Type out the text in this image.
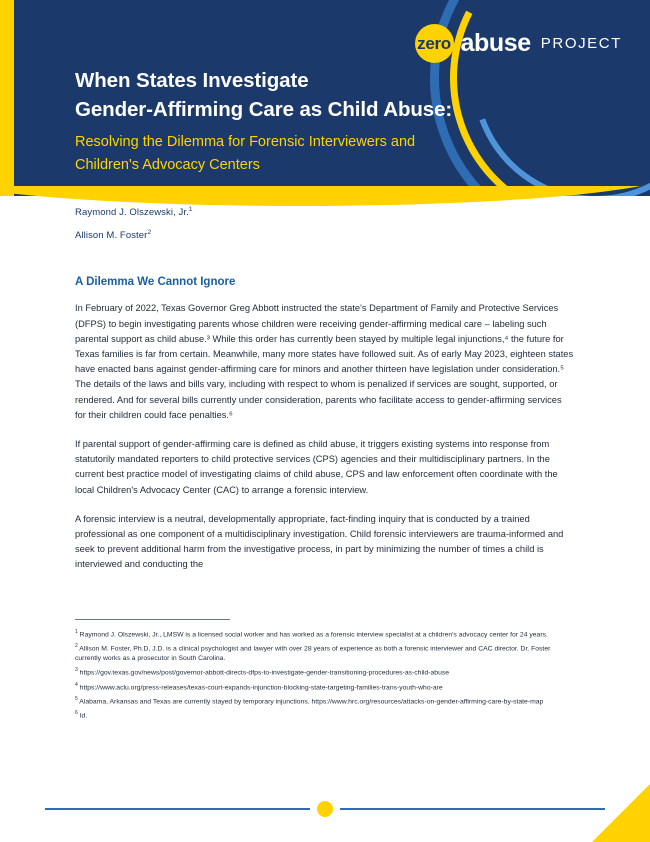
zero abuse PROJECT
When States Investigate
Gender-Affirming Care as Child Abuse:
Resolving the Dilemma for Forensic Interviewers and
Children's Advocacy Centers
Raymond J. Olszewski, Jr.$^1$
Allison M. Foster$^2$
A Dilemma We Cannot Ignore

In February of 2022, Texas Governor Greg Abbott instructed the state's Department of Family and Protective Services (DFPS) to begin investigating parents whose children were receiving gender-affirming medical care – labeling such parental support as child abuse.³ While this order has currently been stayed by multiple legal injunctions,⁴ the future for Texas families is far from certain. Meanwhile, many more states have followed suit. As of early May 2023, eighteen states have enacted bans against gender-affirming care for minors and another thirteen have legislation under consideration.⁵ The details of the laws and bills vary, including with respect to whom is penalized if services are sought, supported, or rendered. And for several bills currently under consideration, parents who facilitate access to gender-affirming services for their children could face penalties.⁶

If parental support of gender-affirming care is defined as child abuse, it triggers existing systems into response from statutorily mandated reporters to child protective services (CPS) agencies and their multidisciplinary partners. In the current best practice model of investigating claims of child abuse, CPS and law enforcement often coordinate with the local Children's Advocacy Center (CAC) to arrange a forensic interview.

A forensic interview is a neutral, developmentally appropriate, fact-finding inquiry that is conducted by a trained professional as one component of a multidisciplinary investigation. Child forensic interviewers are trauma-informed and seek to prevent additional harm from the investigative process, in part by minimizing the number of times a child is interviewed and conducting the

$^1$ Raymond J. Olszewski, Jr., LMSW is a licensed social worker and has worked as a forensic interview specialist at a children's advocacy center for 24 years.
$^2$ Allison M. Foster, Ph.D, J.D. is a clinical psychologist and lawyer with over 28 years of experience as both a forensic interviewer and CAC director. Dr. Foster currently works as a prosecutor in South Carolina.
$^3$ https://gov.texas.gov/news/post/governor-abbott-directs-dfps-to-investigate-gender-transitioning-procedures-as-child-abuse
$^4$ https://www.aclu.org/press-releases/texas-court-expands-injunction-blocking-state-targeting-families-trans-youth-who-are
$^5$ Alabama, Arkansas and Texas are currently stayed by temporary injunctions. https://www.hrc.org/resources/attacks-on-gender-affirming-care-by-state-map
$^6$ Id.
